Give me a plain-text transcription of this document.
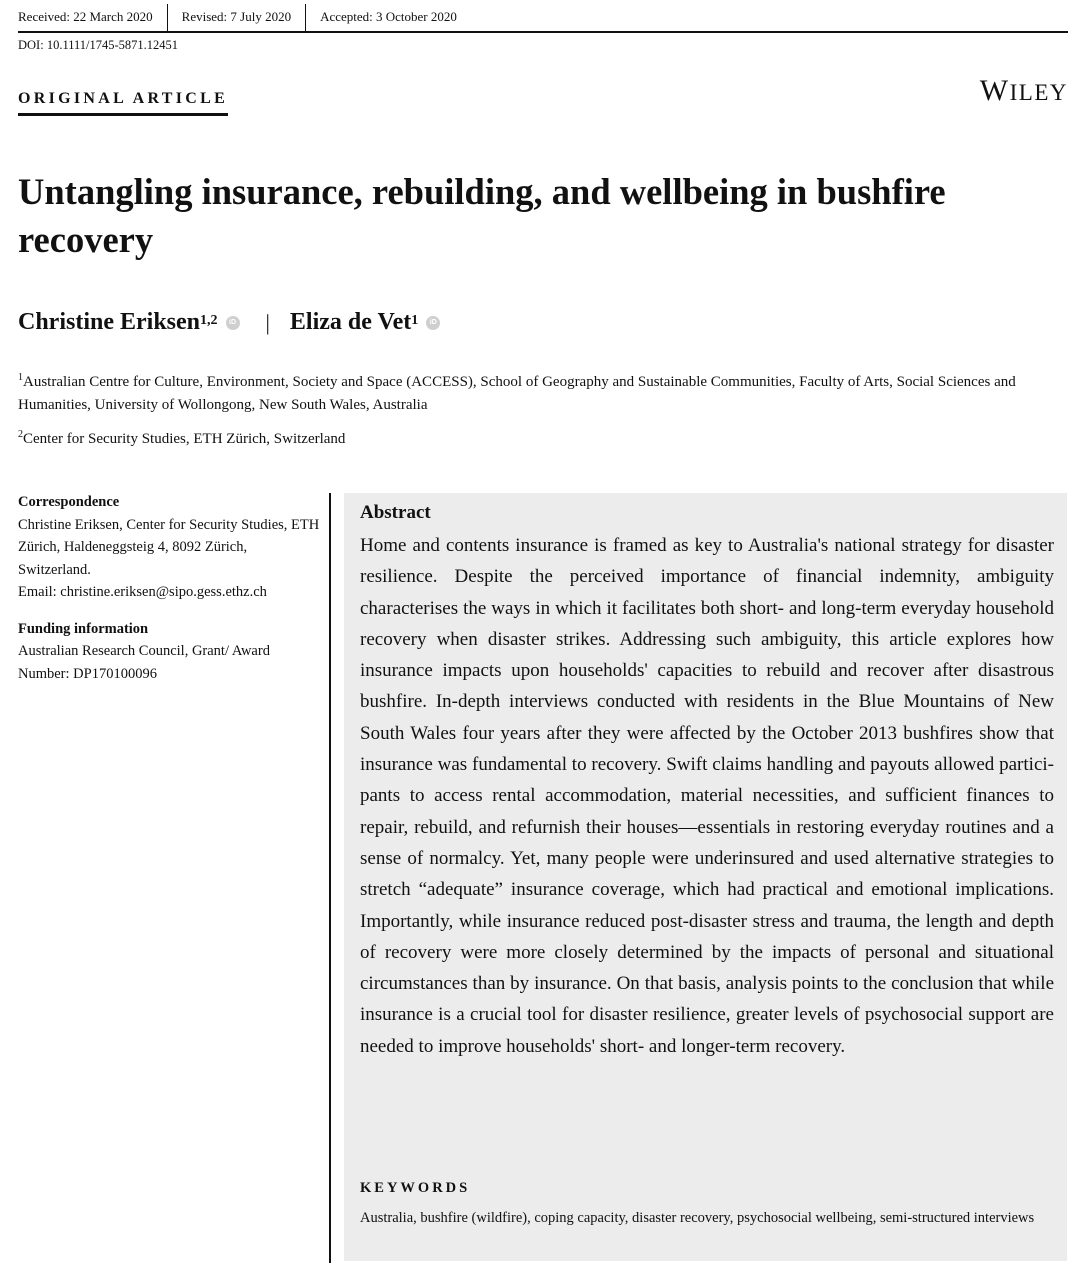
Received: 22 March 2020	Revised: 7 July 2020	Accepted: 3 October 2020
DOI: 10.1111/1745-5871.12451
ORIGINAL ARTICLE	WILEY
Untangling insurance, rebuilding, and wellbeing in bushfire recovery
Christine Eriksen$^{1,2}$	iD | Eliza de Vet$^1$	iD

$^1$Australian Centre for Culture, Environment, Society and Space (ACCESS), School of Geography and Sustainable Communities, Faculty of Arts, Social Sciences and Humanities, University of Wollongong, New South Wales, Australia

$^2$Center for Security Studies, ETH Zürich, Switzerland

Correspondence
Christine Eriksen, Center for Security Studies, ETH Zürich, Haldeneggsteig 4, 8092 Zürich, Switzerland.
Email: christine.eriksen@sipo.gess.ethz.ch
Funding information
Australian Research Council, Grant/ Award Number: DP170100096
Abstract

Home and contents insurance is framed as key to Australia's national strategy for disaster resilience. Despite the perceived importance of financial indemnity, ambiguity characterises the ways in which it facilitates both short- and long-term everyday household recovery when disaster strikes. Addressing such ambiguity, this article explores how insurance impacts upon households' capacities to rebuild and recover after disastrous bushfire. In-depth interviews conducted with residents in the Blue Mountains of New South Wales four years after they were affected by the October 2013 bushfires show that insurance was fundamental to recovery. Swift claims handling and payouts allowed participants to access rental accommodation, material necessities, and sufficient finances to repair, rebuild, and refurnish their houses—essentials in restoring everyday routines and a sense of normalcy. Yet, many people were underinsured and used alternative strategies to stretch “adequate” insurance coverage, which had practical and emotional implications. Importantly, while insurance reduced post-disaster stress and trauma, the length and depth of recovery were more closely determined by the impacts of personal and situational circumstances than by insurance. On that basis, analysis points to the conclusion that while insurance is a crucial tool for disaster resilience, greater levels of psychosocial support are needed to improve households' short- and longer-term recovery.

KEYWORDS
Australia, bushfire (wildfire), coping capacity, disaster recovery, psychosocial wellbeing, semi-structured interviews
